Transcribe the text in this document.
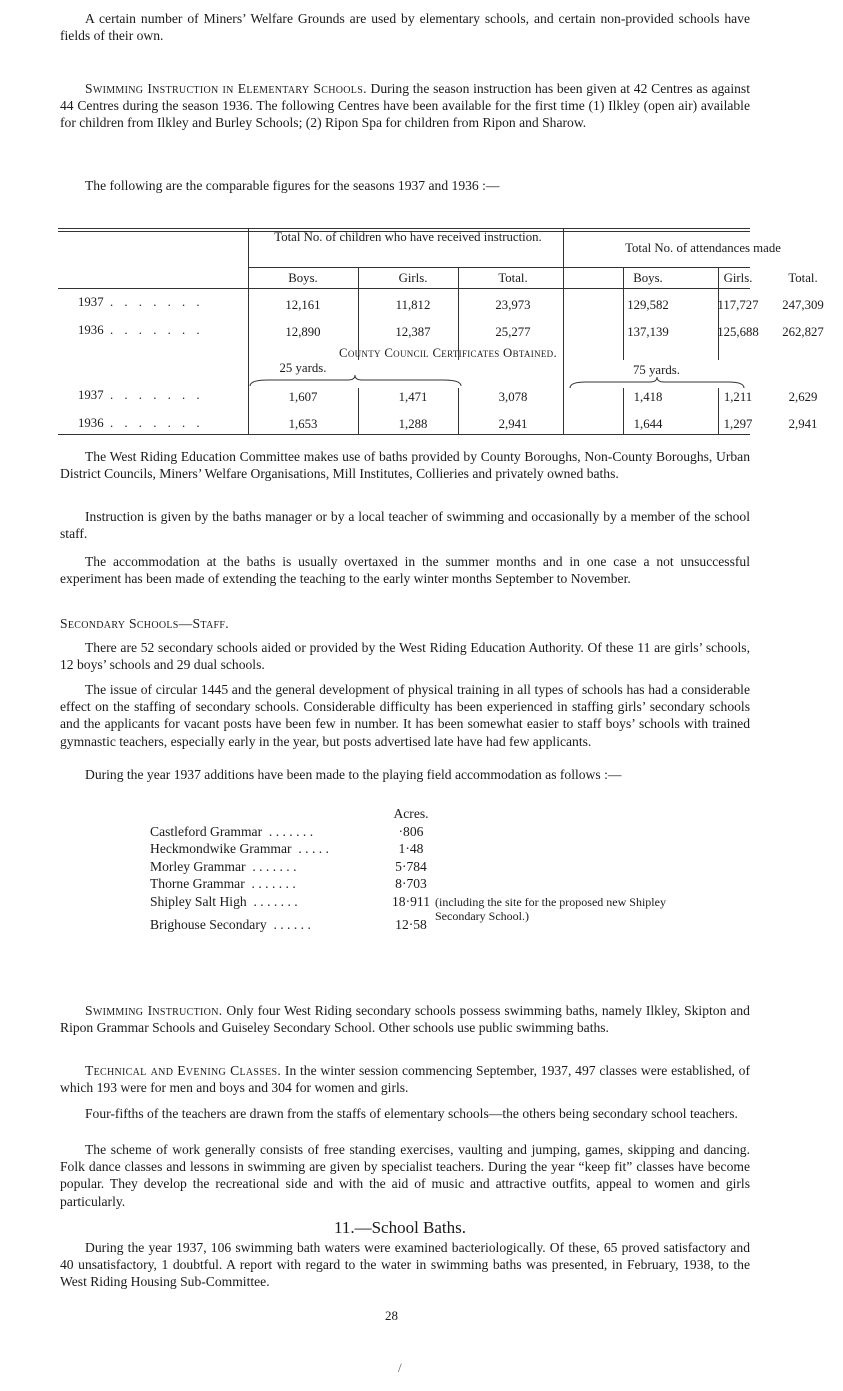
A certain number of Miners’ Welfare Grounds are used by elementary schools, and certain non-provided schools have fields of their own.

Swimming Instruction in Elementary Schools. During the season instruction has been given at 42 Centres as against 44 Centres during the season 1936. The following Centres have been available for the first time (1) Ilkley (open air) available for children from Ilkley and Burley Schools; (2) Ripon Spa for children from Ripon and Sharow.

The following are the comparable figures for the seasons 1937 and 1936 :—

Total No. of children who have received instruction.
Total No. of attendances made
Boys.	Girls.	Total.	Boys.	Girls.	Total.
1937 . . . . . . .	12,161	11,812	23,973	129,582	117,727	247,309
1936 . . . . . . .	12,890	12,387	25,277	137,139	125,688	262,827
County Council Certificates Obtained.
25 yards.	75 yards.
1937 . . . . . . .	1,607	1,471	3,078	1,418	1,211	2,629
1936 . . . . . . .	1,653	1,288	2,941	1,644	1,297	2,941

The West Riding Education Committee makes use of baths provided by County Boroughs, Non-County Boroughs, Urban District Councils, Miners’ Welfare Organisations, Mill Institutes, Collieries and privately owned baths.

Instruction is given by the baths manager or by a local teacher of swimming and occasionally by a member of the school staff.

The accommodation at the baths is usually overtaxed in the summer months and in one case a not unsuccessful experiment has been made of extending the teaching to the early winter months September to November.

Secondary Schools—Staff.

There are 52 secondary schools aided or provided by the West Riding Education Authority. Of these 11 are girls’ schools, 12 boys’ schools and 29 dual schools.

The issue of circular 1445 and the general development of physical training in all types of schools has had a considerable effect on the staffing of secondary schools. Considerable difficulty has been experienced in staffing girls’ secondary schools and the applicants for vacant posts have been few in number. It has been somewhat easier to staff boys’ schools with trained gymnastic teachers, especially early in the year, but posts advertised late have had few applicants.

During the year 1937 additions have been made to the playing field accommodation as follows :—

Acres.
Castleford Grammar . . . . . . .	·806
Heckmondwike Grammar . . . . .	1·48
Morley Grammar . . . . . . .	5·784
Thorne Grammar . . . . . . .	8·703
Shipley Salt High . . . . . . .	18·911 (including the site for the proposed new Shipley Secondary School.)
Brighouse Secondary . . . . . .	12·58

Swimming Instruction. Only four West Riding secondary schools possess swimming baths, namely Ilkley, Skipton and Ripon Grammar Schools and Guiseley Secondary School. Other schools use public swimming baths.

Technical and Evening Classes. In the winter session commencing September, 1937, 497 classes were established, of which 193 were for men and boys and 304 for women and girls.

Four-fifths of the teachers are drawn from the staffs of elementary schools—the others being secondary school teachers.

The scheme of work generally consists of free standing exercises, vaulting and jumping, games, skipping and dancing. Folk dance classes and lessons in swimming are given by specialist teachers. During the year “keep fit” classes have become popular. They develop the recreational side and with the aid of music and attractive outfits, appeal to women and girls particularly.

11.—School Baths.

During the year 1937, 106 swimming bath waters were examined bacteriologically. Of these, 65 proved satisfactory and 40 unsatisfactory, 1 doubtful. A report with regard to the water in swimming baths was presented, in February, 1938, to the West Riding Housing Sub-Committee.

28
/
